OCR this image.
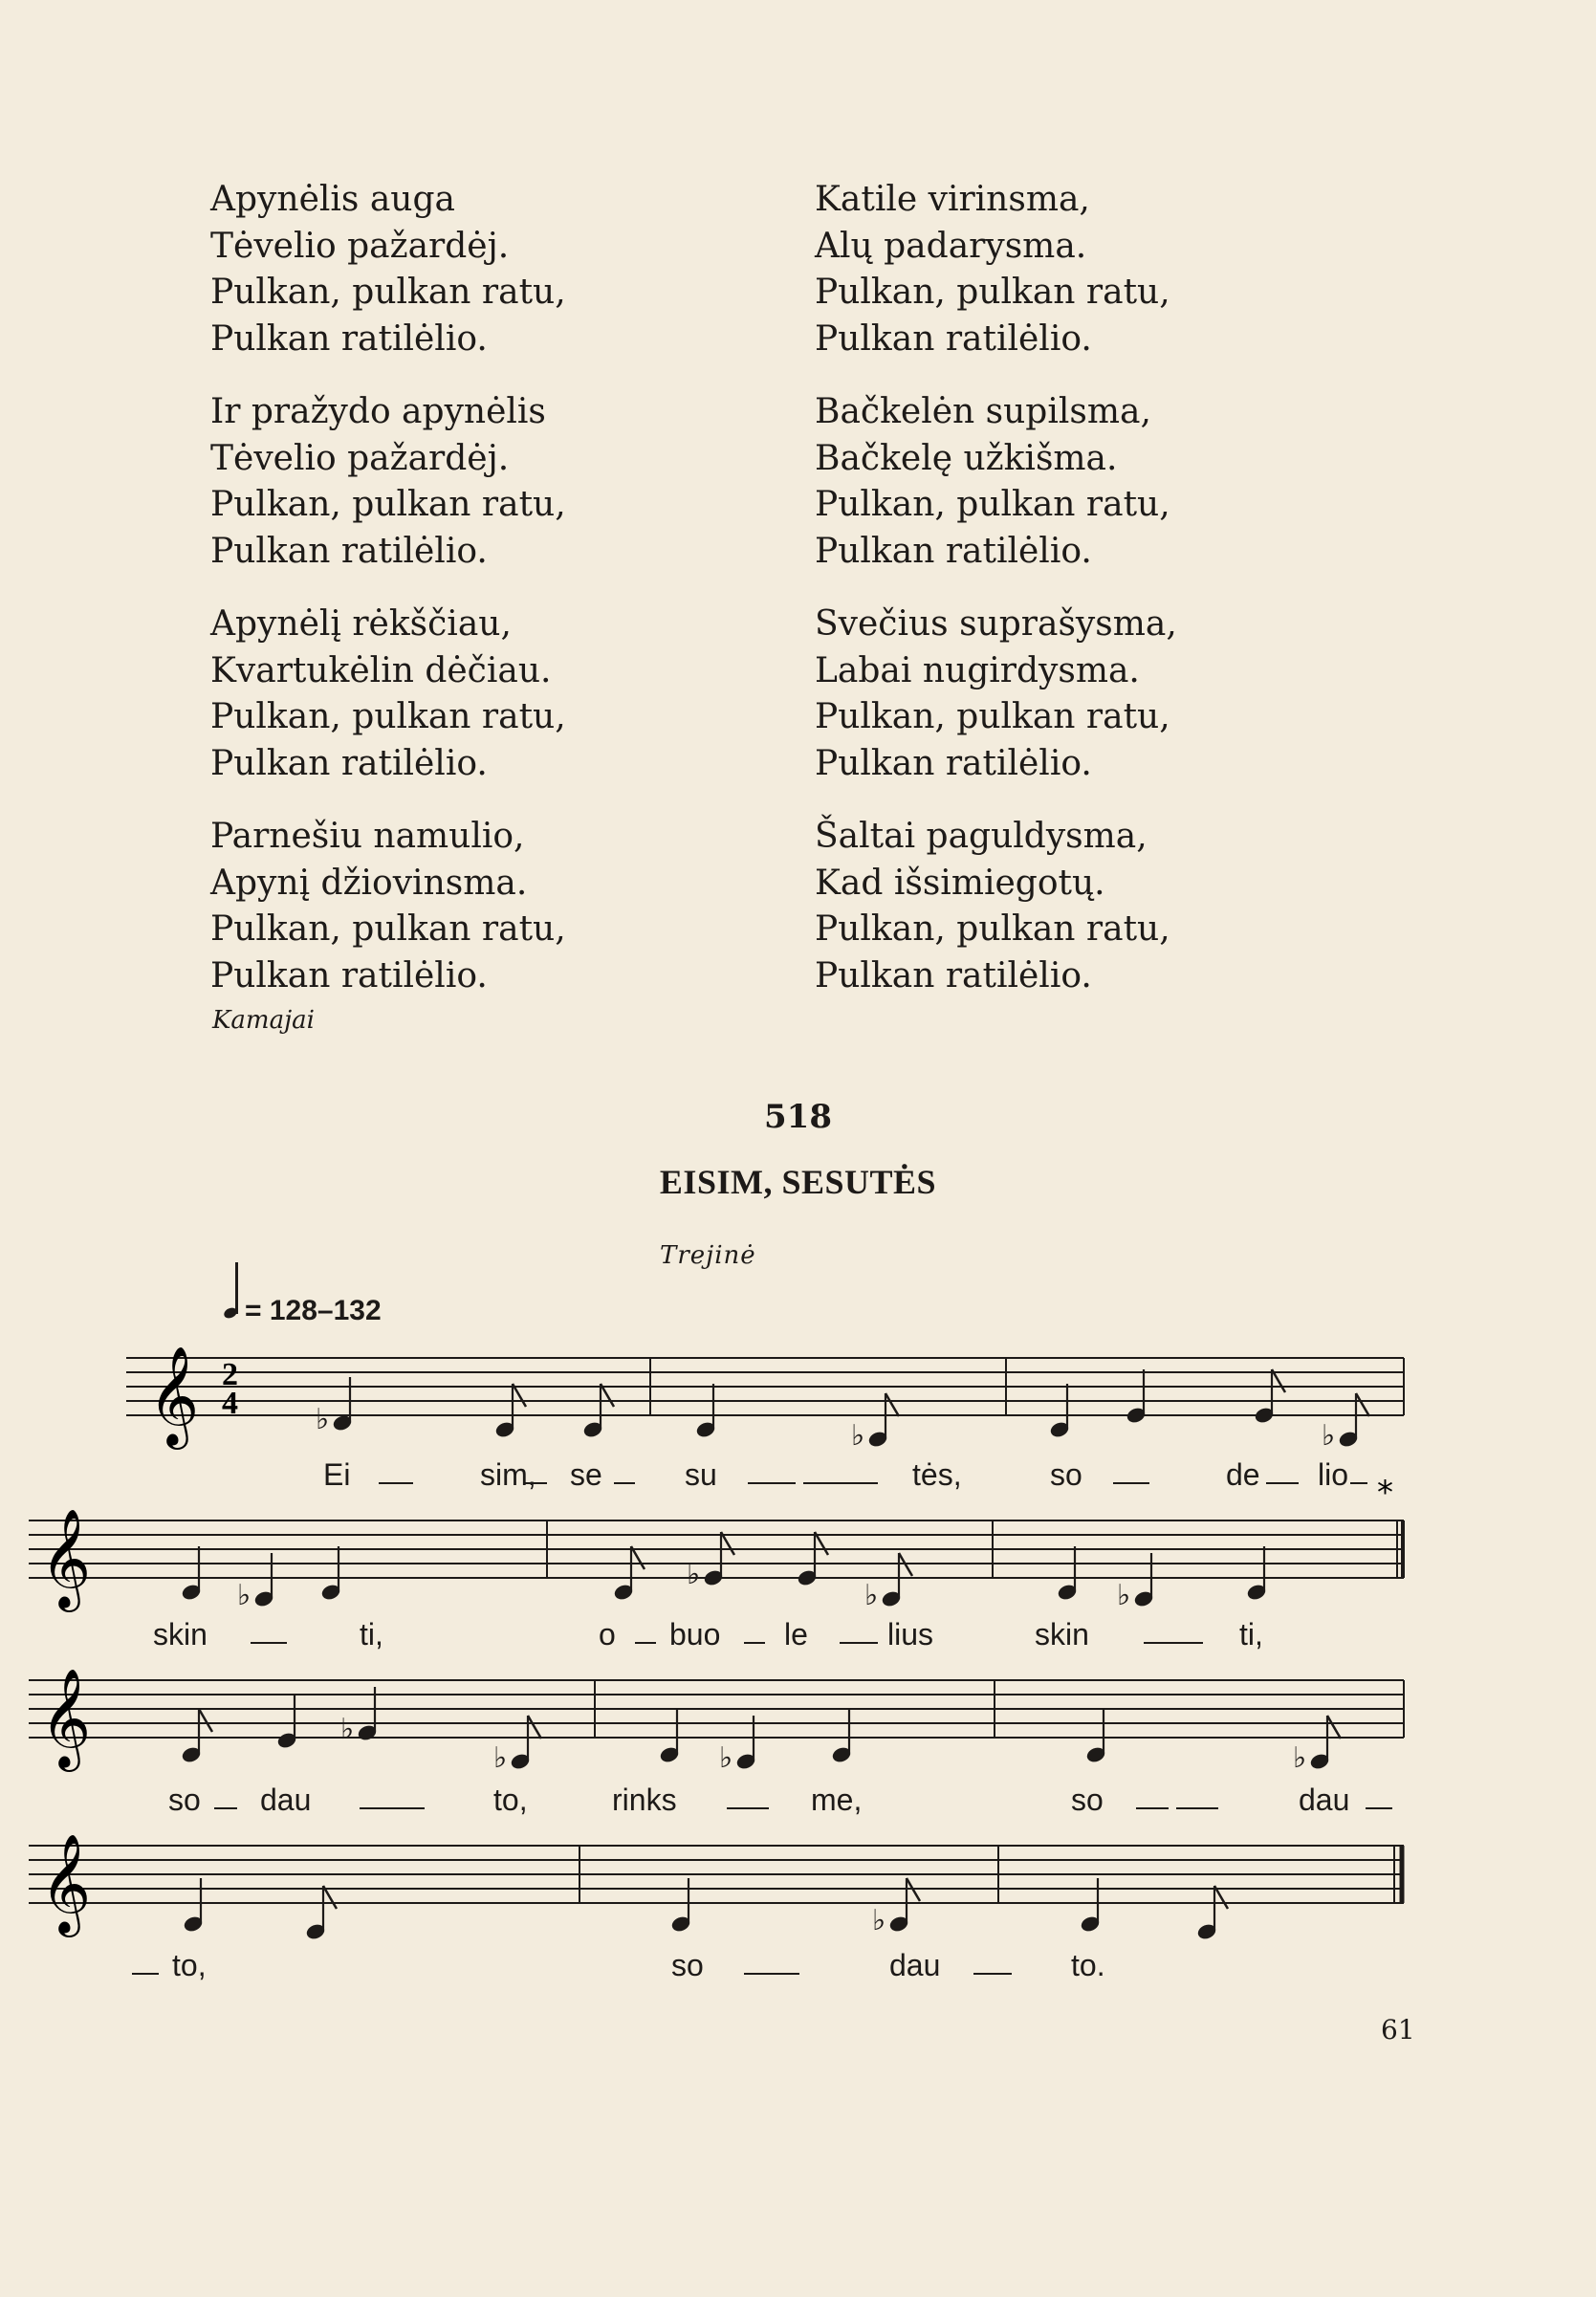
Apynėlis auga
Tėvelio pažardėj.
Pulkan, pulkan ratu,
Pulkan ratilėlio.
Ir pražydo apynėlis
Tėvelio pažardėj.
Pulkan, pulkan ratu,
Pulkan ratilėlio.
Apynėlį rėkščiau,
Kvartukėlin dėčiau.
Pulkan, pulkan ratu,
Pulkan ratilėlio.
Parnešiu namulio,
Apynį džiovinsma.
Pulkan, pulkan ratu,
Pulkan ratilėlio.
Katile virinsma,
Alų padarysma.
Pulkan, pulkan ratu,
Pulkan ratilėlio.
Bačkelėn supilsma,
Bačkelę užkišma.
Pulkan, pulkan ratu,
Pulkan ratilėlio.
Svečius suprašysma,
Labai nugirdysma.
Pulkan, pulkan ratu,
Pulkan ratilėlio.
Šaltai paguldysma,
Kad išsimiegotų.
Pulkan, pulkan ratu,
Pulkan ratilėlio.
Kamajai
518
EISIM, SESUTĖS
Trejinė
= 128–132
𝄞 2
4
𝄞
𝄞
𝄞
♭	♭	♭
♭
♭
♭	♭
♭
♭	♭	♭
♭
Ei	sim, se	su	tės,	so	de lio
skin	ti,	o buo le	lius	skin	ti,
so dau	to,	rinks	me,	so	dau
to,	so	dau	to.
*
61
